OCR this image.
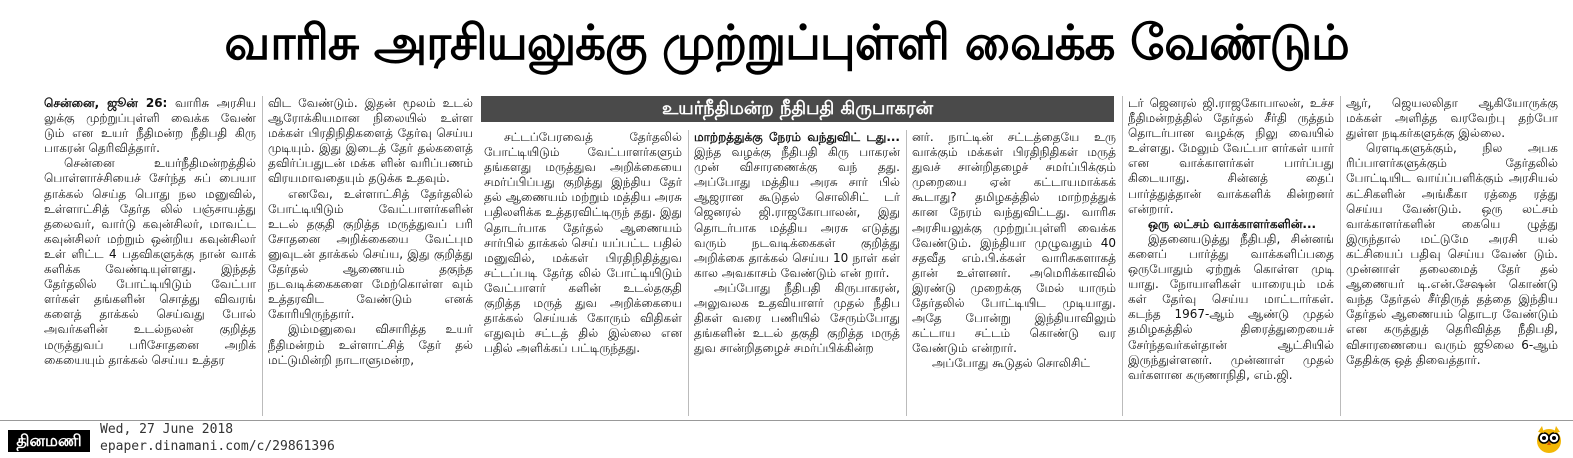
வாரிசு அரசியலுக்கு முற்றுப்புள்ளி வைக்க வேண்டும்
உயர்நீதிமன்ற நீதிபதி கிருபாகரன்

சென்னை, ஜூன் 26: வாரிசு அரசிய லுக்கு முற்றுப்புள்ளி வைக்க வேண் டும் என உயர் நீதிமன்ற நீதிபதி கிரு பாகரன் தெரிவித்தார்.

சென்னை உயர்நீதிமன்றத்தில் பொள்ளாச்சியைச் சேர்ந்த சுப் பையா தாக்கல் செய்த பொது நல மனுவில், உள்ளாட்சித் தேர்த லில் பஞ்சாயத்து தலைவர், வார்டு கவுன்சிலர், மாவட்ட கவுன்சிலர் மற்றும் ஒன்றிய கவுன்சிலர் உள் ளிட்ட 4 பதவிகளுக்கு நான் வாக் களிக்க வேண்டியுள்ளது. இந்தத் தேர்தலில் போட்டியிடும் வேட்பா ளர்கள் தங்களின் சொத்து விவரங் களைத் தாக்கல் செய்வது போல் அவர்களின் உடல்நலன் குறித்த மருத்துவப் பரிசோதனை அறிக் கையையும் தாக்கல் செய்ய உத்தர

விட வேண்டும். இதன் மூலம் உடல் ஆரோக்கியமான நிலையில் உள்ள மக்கள் பிரதிநிதிகளைத் தேர்வு செய்ய முடியும். இது இடைத் தேர் தல்களைத் தவிர்ப்பதுடன் மக்க ளின் வரிப்பணம் விரயமாவதையும் தடுக்க உதவும்.

எனவே, உள்ளாட்சித் தேர்தலில் போட்டியிடும் வேட்பாளர்களின் உடல் தகுதி குறித்த மருத்துவப் பரி சோதனை அறிக்கையை வேட்பும னுவுடன் தாக்கல் செய்ய, இது குறித்து தேர்தல் ஆணையம் தகுந்த நடவடிக்கைகளை மேற்கொள்ள வும் உத்தரவிட வேண்டும் எனக் கோரியிருந்தார்.

இம்மனுவை விசாரித்த உயர் நீதிமன்றம் உள்ளாட்சித் தேர் தல் மட்டுமின்றி நாடாளுமன்ற,

சட்டப்பேரவைத் தேர்தலில் போட்டியிடும் வேட்பாளர்களும் தங்களது மருத்துவ அறிக்கையை சமர்ப்பிப்பது குறித்து இந்திய தேர் தல் ஆணையம் மற்றும் மத்திய அரசு பதிலளிக்க உத்தரவிட்டிருந் தது. இது தொடர்பாக தேர்தல் ஆணையம் சார்பில் தாக்கல் செய் யப்பட்ட பதில் மனுவில், மக்கள் பிரதிநிதித்துவ சட்டப்படி தேர்த லில் போட்டியிடும் வேட்பாளர் களின் உடல்தகுதி குறித்த மருத் துவ அறிக்கையை தாக்கல் செய்யக் கோரும் விதிகள் எதுவும் சட்டத் தில் இல்லை என பதில் அளிக்கப் பட்டிருந்தது.

மாற்றத்துக்கு நேரம் வந்துவிட் டது... இந்த வழக்கு நீதிபதி கிரு பாகரன் முன் விசாரணைக்கு வந் தது. அப்போது மத்திய அரசு சார் பில் ஆஜரான கூடுதல் சொலிசிட் டர் ஜெனரல் ஜி.ராஜகோபாலன், இது தொடர்பாக மத்திய அரசு எடுத்து வரும் நடவடிக்கைகள் குறித்து அறிக்கை தாக்கல் செய்ய 10 நாள் கள் கால அவகாசம் வேண்டும் என் றார்.

அப்போது நீதிபதி கிருபாகரன், அலுவலக உதவியாளர் முதல் நீதிப திகள் வரை பணியில் சேரும்போது தங்களின் உடல் தகுதி குறித்த மருத் துவ சான்றிதழைச் சமர்ப்பிக்கின்ற

னர். நாட்டின் சட்டத்தையே உரு வாக்கும் மக்கள் பிரதிநிதிகள் மருத் துவச் சான்றிதழைச் சமர்ப்பிக்கும் முறையை ஏன் கட்டாயமாக்கக் கூடாது? தமிழகத்தில் மாற்றத்துக் கான நேரம் வந்துவிட்டது. வாரிசு அரசியலுக்கு முற்றுப்புள்ளி வைக்க வேண்டும். இந்தியா முழுவதும் 40 சதவீத எம்.பி.க்கள் வாரிசுகளாகத் தான் உள்ளனர். அமெரிக்காவில் இரண்டு முறைக்கு மேல் யாரும் தேர்தலில் போட்டியிட முடியாது. அதே போன்று இந்தியாவிலும் கட்டாய சட்டம் கொண்டு வர வேண்டும் என்றார்.

அப்போது கூடுதல் சொலிசிட்

டர் ஜெனரல் ஜி.ராஜகோபாலன், உச்ச நீதிமன்றத்தில் தேர்தல் சீர்தி ருத்தம் தொடர்பான வழக்கு நிலு வையில் உள்ளது. மேலும் வேட்பா ளர்கள் யார் என வாக்காளர்கள் பார்ப்பது கிடையாது. சின்னத் தைப் பார்த்துத்தான் வாக்களிக் கின்றனர் என்றார்.

ஒரு லட்சம் வாக்காளர்களின்...

இதனையடுத்து நீதிபதி, சின்னங் களைப் பார்த்து வாக்களிப்பதை ஒருபோதும் ஏற்றுக் கொள்ள முடி யாது. நோயாளிகள் யாரையும் மக் கள் தேர்வு செய்ய மாட்டார்கள். கடந்த 1967-ஆம் ஆண்டு முதல் தமிழகத்தில் திரைத்துறையைச் சேர்ந்தவர்கள்தான் ஆட்சியில் இருந்துள்ளனர். முன்னாள் முதல் வர்களான கருணாநிதி, எம்.ஜி.

ஆர், ஜெயலலிதா ஆகியோருக்கு மக்கள் அளித்த வரவேற்பு தற்போ துள்ள நடிகர்களுக்கு இல்லை.

ரௌடிகளுக்கும், நில அபக ரிப்பாளர்களுக்கும் தேர்தலில் போட்டியிட வாய்ப்பளிக்கும் அரசியல் கட்சிகளின் அங்கீகா ரத்தை ரத்து செய்ய வேண்டும். ஒரு லட்சம் வாக்காளர்களின் கையெ ழுத்து இருந்தால் மட்டுமே அரசி யல் கட்சியைப் பதிவு செய்ய வேண் டும். முன்னாள் தலைமைத் தேர் தல் ஆணையர் டி.என்.சேஷன் கொண்டு வந்த தேர்தல் சீர்திருத் தத்தை இந்திய தேர்தல் ஆணையம் தொடர வேண்டும் என கருத்துத் தெரிவித்த நீதிபதி, விசாரணையை வரும் ஜூலை 6-ஆம் தேதிக்கு ஒத் திவைத்தார்.

தினமணி
Wed, 27 June 2018
epaper.dinamani.com/c/29861396
